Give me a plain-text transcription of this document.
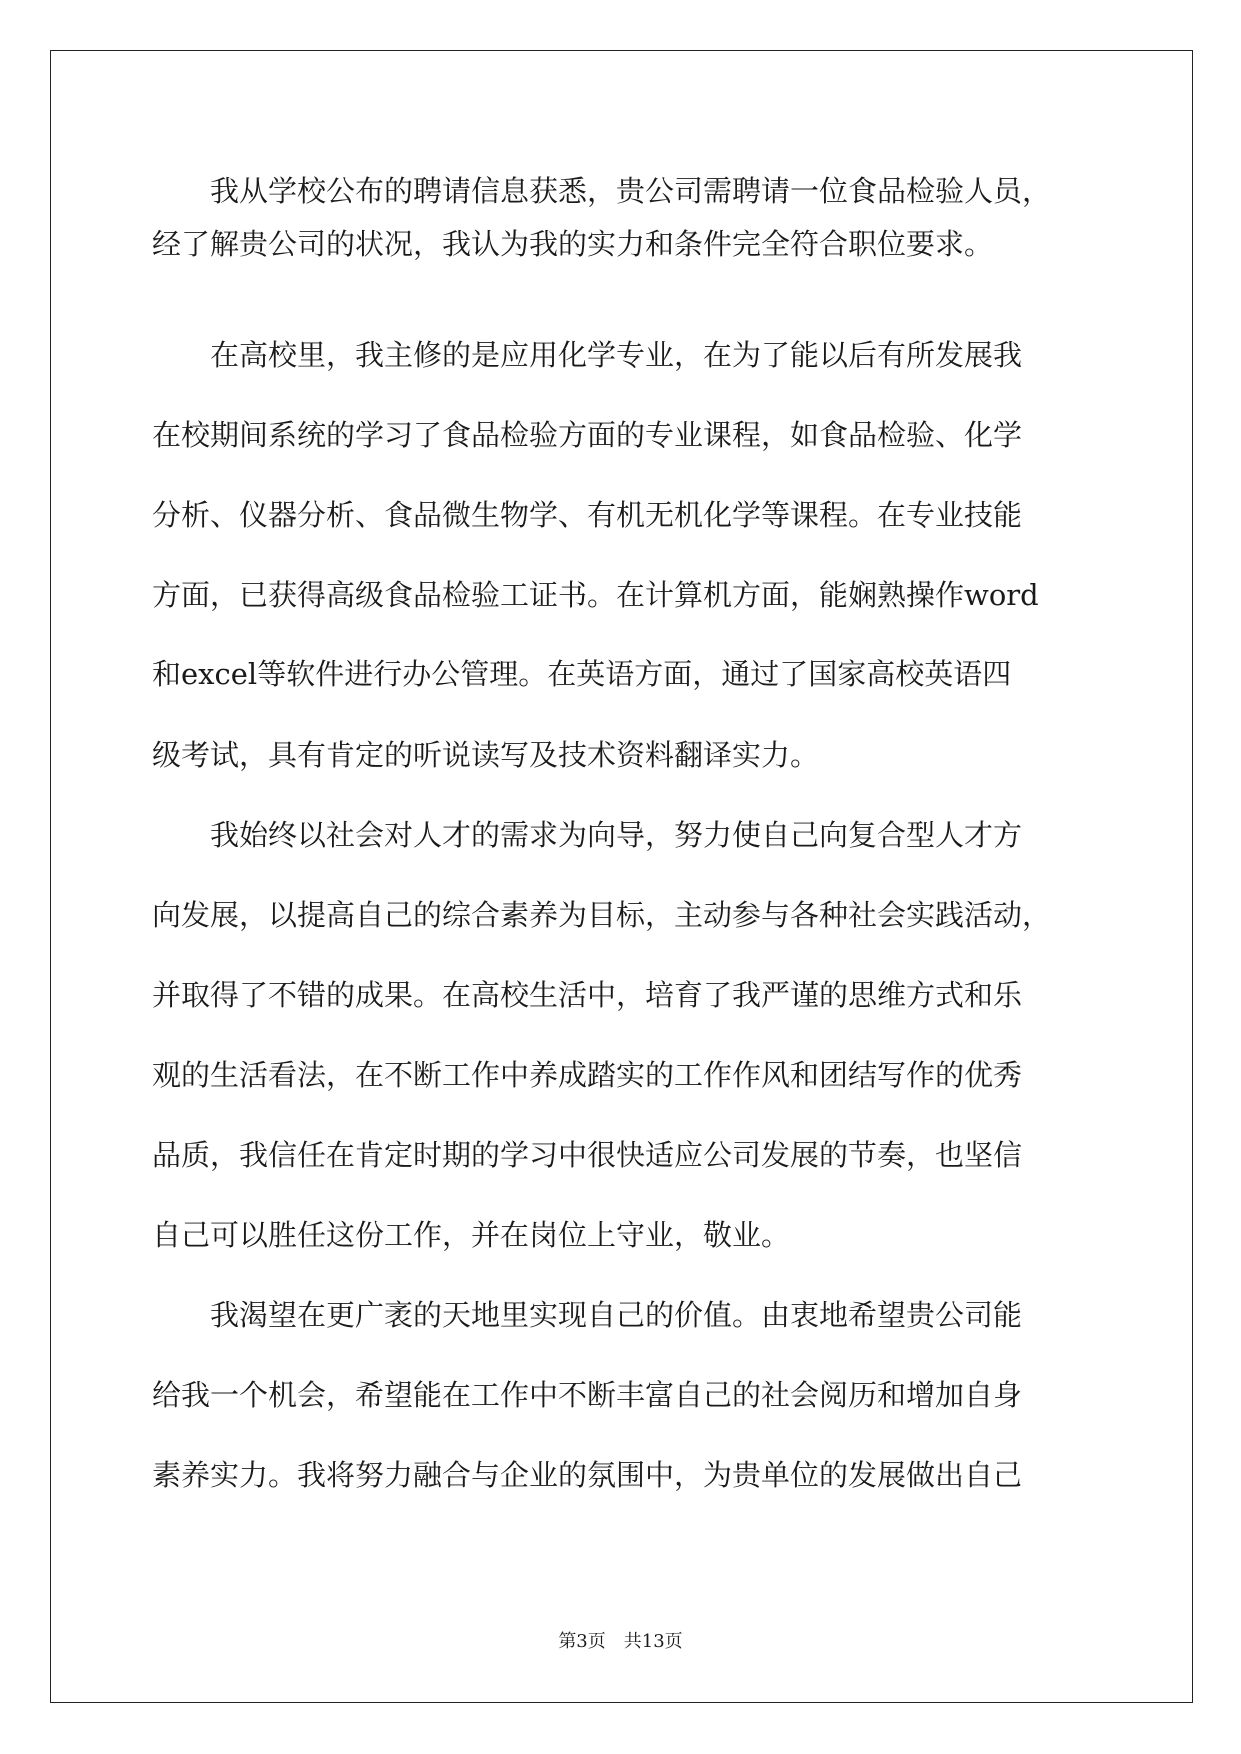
　　我从学校公布的聘请信息获悉，贵公司需聘请一位食品检验人员，
经了解贵公司的状况，我认为我的实力和条件完全符合职位要求。
　　在高校里，我主修的是应用化学专业，在为了能以后有所发展我
在校期间系统的学习了食品检验方面的专业课程，如食品检验、化学
分析、仪器分析、食品微生物学、有机无机化学等课程。在专业技能
方面，已获得高级食品检验工证书。在计算机方面，能娴熟操作word
和excel等软件进行办公管理。在英语方面，通过了国家高校英语四
级考试，具有肯定的听说读写及技术资料翻译实力。
　　我始终以社会对人才的需求为向导，努力使自己向复合型人才方
向发展，以提高自己的综合素养为目标，主动参与各种社会实践活动，
并取得了不错的成果。在高校生活中，培育了我严谨的思维方式和乐
观的生活看法，在不断工作中养成踏实的工作作风和团结写作的优秀
品质，我信任在肯定时期的学习中很快适应公司发展的节奏，也坚信
自己可以胜任这份工作，并在岗位上守业，敬业。
　　我渴望在更广袤的天地里实现自己的价值。由衷地希望贵公司能
给我一个机会，希望能在工作中不断丰富自己的社会阅历和增加自身
素养实力。我将努力融合与企业的氛围中，为贵单位的发展做出自己
第3页　共13页
